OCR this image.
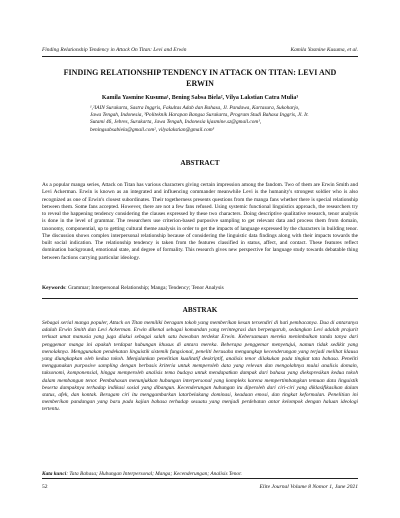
Finding Relationship Tendency in Attack On Titan: Levi and Erwin	Kamila Yasmine Kusuma, et al.
FINDING RELATIONSHIP TENDENCY IN ATTACK ON TITAN: LEVI AND
ERWIN
Kamila Yasmine Kusuma¹, Bening Sabsa Biela², Vilya Lakstian Catra Mulia³
¹,²IAIN Surakarta, Sastra Inggris, Fakultas Adab dan Bahasa, Jl. Pandawa, Kartasura, Sukoharjo, Jawa Tengah, Indonesia, ³Politeknik Harapan Bangsa Surakarta, Program Studi Bahasa Inggris, Jl. Ir. Sutami 46, Jebres, Surakarta, Jawa Tengah, Indonesia kjasmine.sz@gmail.com¹, beningsabsabiela@gmail.com², vilyalakstian@gmail.com³
ABSTRACT
As a popular manga series, Attack on Titan has various characters giving certain impression among the fandom. Two of them are Erwin Smith and Levi Ackerman. Erwin is known as an integrated and influencing commander meanwhile Levi is the humanity's strongest soldier who is also recognized as one of Erwin's closest subordinates. Their togetherness presents questions from the manga fans whether there is special relationship between them. Some fans accepted. However, there are not a few fans refused. Using systemic functional linguistics approach, the researchers try to reveal the happening tendency considering the clauses expressed by these two characters. Doing descriptive qualitative research, tenor analysis is done in the level of grammar. The researchers use criterion-based purposive sampling to get relevant data and process them from domain, taxonomy, componential, up to getting cultural theme analysis in order to get the impacts of language expressed by the characters in building tenor. The discussion shows complex interpersonal relationship because of considering the linguistic data findings along with their impacts towards the built social indication. The relationship tendency is taken from the features classified in status, affect, and contact. These features reflect domination background, emotional state, and degree of formality. This research gives new perspective for language study towards debatable thing between factions carrying particular ideology.
Keywords: Grammar; Interpersonal Relationship; Manga; Tendency; Tenor Analysis
ABSTRAK
Sebagai serial manga populer, Attack on Titan memiliki beragam tokoh yang memberikan kesan tersendiri di hati pembacanya. Dua di antaranya adalah Erwin Smith dan Levi Ackerman. Erwin dikenal sebagai komandan yang terintegrasi dan berpengaruh, sedangkan Levi adalah prajurit terkuat umat manusia yang juga diakui sebagai salah satu bawahan terdekat Erwin. Kebersamaan mereka menimbulkan tanda tanya dari penggemar manga ini apakah terdapat hubungan khusus di antara mereka. Beberapa penggemar menyetujui, namun tidak sedikit yang menolaknya. Menggunakan pendekatan linguistik sistemik fungsional, peneliti berusaha mengungkap kecenderungan yang terjadi melihat klausa yang diungkapkan oleh kedua tokoh. Menjalankan penelitian kualitatif deskriptif, analisis tenor dilakukan pada tingkat tata bahasa. Peneliti menggunakan purposive sampling dengan berbasis kriteria untuk memperoleh data yang relevan dan mengolahnya mulai analisis domain, taksonomi, komponensial, hingga memperoleh analisis tema budaya untuk mendapatkan dampak dari bahasa yang diekspresikan kedua tokoh dalam membangun tenor. Pembahasan menunjukkan hubungan interpersonal yang kompleks karena mempertimbangkan temuan data linguistik beserta dampaknya terhadap indikasi sosial yang dibangun. Kecenderungan hubungan itu diperoleh dari ciri-ciri yang diklasifikasikan dalam status, afek, dan kontak. Beragam ciri itu menggambarkan latarbelakang dominasi, keadaan emosi, dan tingkat keformalan. Penelitian ini memberikan pandangan yang baru pada kajian bahasa terhadap sesuatu yang menjadi perdebatan antar kelompok dengan haluan ideologi tertentu.
Kata kunci: Tata Bahasa; Hubungan Interpersonal; Manga; Kecenderungan; Analisis Tenor.
52	Elite Journal Volume 8 Nomor 1, June 2021
